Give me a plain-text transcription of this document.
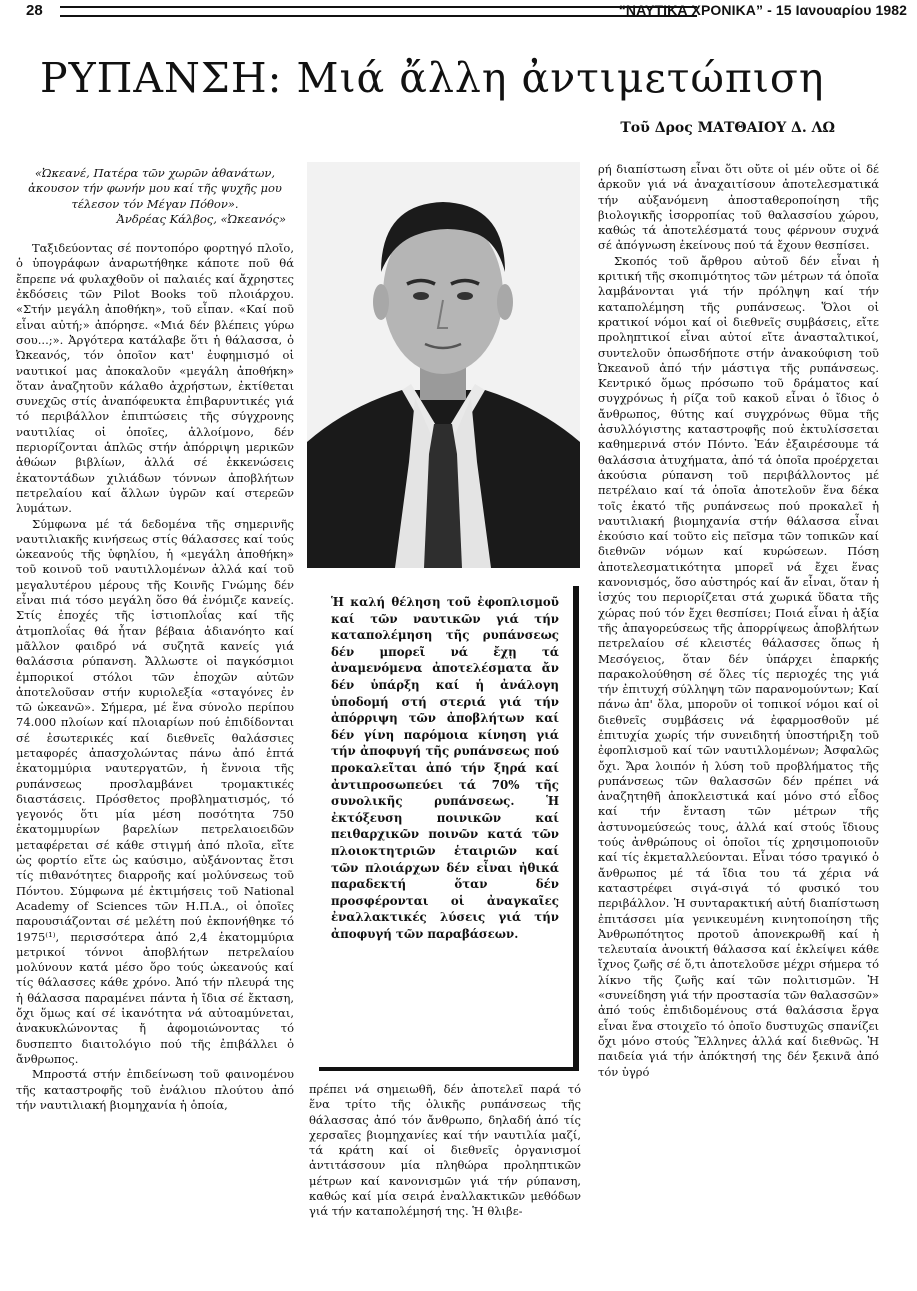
28	“ΝΑΥΤΙΚΑ ΧΡΟΝΙΚΑ” - 15 Ιανουαρίου 1982
ΡΥΠΑΝΣΗ: Μιά ἄλλη ἀντιμετώπιση
Τοῦ Δρος ΜΑΤΘΑΙΟΥ Δ. ΛΩ
«Ὠκεανέ, Πατέρα τῶν χωρῶν ἀθανάτων,
ἀκουσον τήν φωνήν μου καί τῆς ψυχῆς μου
τέλεσον τόν Μέγαν Πόθον».
Ἀνδρέας Κάλβος, «Ὠκεανός»

Ταξιδεύοντας σέ ποντοπόρο φορτηγό πλοῖο, ὁ ὑπογράφων ἀναρωτήθηκε κάποτε ποῦ θά ἔπρεπε νά φυλαχθοῦν οἱ παλαιές καί ἄχρηστες ἐκδόσεις τῶν Pilot Books τοῦ πλοιάρχου. «Στήν μεγάλη ἀποθήκη», τοῦ εἶπαν. «Καί ποῦ εἶναι αὐτή;» ἀπόρησε. «Μιά δέν βλέπεις γύρω σου...;». Ἀργότερα κατάλαβε ὅτι ἡ θάλασσα, ὁ Ὠκεανός, τόν ὁποῖον κατ' ἐυφημισμό οἱ ναυτικοί μας ἀποκαλοῦν «μεγάλη ἀποθήκη» ὅταν ἀναζητοῦν κάλαθο ἀχρήστων, ἐκτίθεται συνεχῶς στίς ἀναπόφευκτα ἐπιβαρυντικές γιά τό περιβάλλον ἐπιπτώσεις τῆς σύγχρονης ναυτιλίας οἱ ὁποῖες, ἀλλοίμονο, δέν περιορίζονται ἁπλῶς στήν ἀπόρριψη μερικῶν ἀθώων βιβλίων, ἀλλά σέ ἐκκενώσεις ἑκατοντάδων χιλιάδων τόννων ἀποβλήτων πετρελαίου καί ἄλλων ὑγρῶν καί στερεῶν λυμάτων.

Σύμφωνα μέ τά δεδομένα τῆς σημερινῆς ναυτιλιακῆς κινήσεως στίς θάλασσες καί τούς ὠκεανούς τῆς ὑφηλίου, ἡ «μεγάλη ἀποθήκη» τοῦ κοινοῦ τοῦ ναυτιλλομένων ἀλλά καί τοῦ μεγαλυτέρου μέρους τῆς Κοινῆς Γνώμης δέν εἶναι πιά τόσο μεγάλη ὅσο θά ἐνόμιζε κανείς. Στίς ἐποχές τῆς ἱστιοπλοΐας καί τῆς ἀτμοπλοΐας θά ἦταν βέβαια ἀδιανόητο καί μᾶλλον φαιδρό νά συζητᾶ κανείς γιά θαλάσσια ρύπανση. Ἄλλωστε οἱ παγκόσμιοι ἐμπορικοί στόλοι τῶν ἐποχῶν αὐτῶν ἀποτελοῦσαν στήν κυριολεξία «σταγόνες ἐν τῶ ὠκεανῶ». Σήμερα, μέ ἕνα σύνολο περίπου 74.000 πλοίων καί πλοιαρίων πού ἐπιδίδονται σέ ἐσωτερικές καί διεθνεῖς θαλάσσιες μεταφορές ἀπασχολώντας πάνω ἀπό ἑπτά ἑκατομμύρια ναυτεργατῶν, ἡ ἔννοια τῆς ρυπάνσεως προσλαμβάνει τρομακτικές διαστάσεις. Πρόσθετος προβληματισμός, τό γεγονός ὅτι μία μέση ποσότητα 750 ἑκατομμυρίων βαρελίων πετρελαιοειδῶν μεταφέρεται σέ κάθε στιγμή ἀπό πλοῖα, εἴτε ὡς φορτίο εἴτε ὡς καύσιμο, αὐξάνοντας ἔτσι τίς πιθανότητες διαρροῆς καί μολύνσεως τοῦ Πόντου. Σύμφωνα μέ ἐκτιμήσεις τοῦ National Academy of Sciences τῶν Η.Π.Α., οἱ ὁποῖες παρουσιάζονται σέ μελέτη πού ἐκπονήθηκε τό 1975⁽¹⁾, περισσότερα ἀπό 2,4 ἑκατομμύρια μετρικοί τόννοι ἀποβλήτων πετρελαίου μολύνουν κατά μέσο ὅρο τούς ὠκεανούς καί τίς θάλασσες κάθε χρόνο. Ἀπό τήν πλευρά της ἡ θάλασσα παραμένει πάντα ἡ ἴδια σέ ἔκταση, ὄχι ὅμως καί σέ ἱκανότητα νά αὐτοαμύνεται, ἀνακυκλώνοντας ἤ ἀφομοιώνοντας τό δυσπεπτο διαιτολόγιο πού τῆς ἐπιβάλλει ὁ ἄνθρωπος.

Μπροστά στήν ἐπιδείνωση τοῦ φαινομένου τῆς καταστροφῆς τοῦ ἐνάλιου πλούτου ἀπό τήν ναυτιλιακή βιομηχανία ἡ ὁποία,

Ἡ καλή θέληση τοῦ ἐφοπλισμοῦ καί τῶν ναυτικῶν γιά τήν καταπολέμηση τῆς ρυπάνσεως δέν μπορεῖ νά ἔχῃ τά ἀναμενόμενα ἀποτελέσματα ἄν δέν ὑπάρξη καί ἡ ἀνάλογη ὑποδομή στή στεριά γιά τήν ἀπόρριψη τῶν ἀποβλήτων καί δέν γίνη παρόμοια κίνηση γιά τήν ἀποφυγή τῆς ρυπάνσεως πού προκαλεῖται ἀπό τήν ξηρά καί ἀντιπροσωπεύει τά 70% τῆς συνολικῆς ρυπάνσεως. Ἡ ἐκτόξευση ποινικῶν καί πειθαρχικῶν ποινῶν κατά τῶν πλοιοκτητριῶν ἑταιριῶν καί τῶν πλοιάρχων δέν εἶναι ἠθικά παραδεκτή ὅταν δέν προσφέρονται οἱ ἀναγκαῖες ἐναλλακτικές λύσεις γιά τήν ἀποφυγή τῶν παραβάσεων.

πρέπει νά σημειωθῆ, δέν ἀποτελεῖ παρά τό ἕνα τρίτο τῆς ὁλικῆς ρυπάνσεως τῆς θάλασσας ἀπό τόν ἄνθρωπο, δηλαδή ἀπό τίς χερσαῖες βιομηχανίες καί τήν ναυτιλία μαζί, τά κράτη καί οἱ διεθνεῖς ὀργανισμοί ἀντιτάσσουν μία πληθώρα προληπτικῶν μέτρων καί κανονισμῶν γιά τήν ρύπανση, καθώς καί μία σειρά ἐναλλακτικῶν μεθόδων γιά τήν καταπολέμησή της. Ἡ θλιβε-

ρή διαπίστωση εἶναι ὅτι οὔτε οἱ μέν οὔτε οἱ δέ ἀρκοῦν γιά νά ἀναχαιτίσουν ἀποτελεσματικά τήν αὐξανόμενη ἀποσταθεροποίηση τῆς βιολογικῆς ἰσορροπίας τοῦ θαλασσίου χώρου, καθώς τά ἀποτελέσματά τους φέρνουν συχνά σέ ἀπόγνωση ἐκείνους πού τά ἔχουν θεσπίσει.

Σκοπός τοῦ ἄρθρου αὐτοῦ δέν εἶναι ἡ κριτική τῆς σκοπιμότητος τῶν μέτρων τά ὁποῖα λαμβάνονται γιά τήν πρόληψη καί τήν καταπολέμηση τῆς ρυπάνσεως. Ὅλοι οἱ κρατικοί νόμοι καί οἱ διεθνεῖς συμβάσεις, εἴτε προληπτικοί εἶναι αὐτοί εἴτε ἀνασταλτικοί, συντελοῦν ὁπωσδήποτε στήν ἀνακούφιση τοῦ Ὠκεανοῦ ἀπό τήν μάστιγα τῆς ρυπάνσεως. Κεντρικό ὅμως πρόσωπο τοῦ δράματος καί συγχρόνως ἡ ρίζα τοῦ κακοῦ εἶναι ὁ ἴδιος ὁ ἄνθρωπος, θύτης καί συγχρόνως θῦμα τῆς ἀσυλλόγιστης καταστροφῆς πού ἐκτυλίσσεται καθημερινά στόν Πόντο. Ἐάν ἐξαιρέσουμε τά θαλάσσια ἀτυχήματα, ἀπό τά ὁποῖα προέρχεται ἀκούσια ρύπανση τοῦ περιβάλλοντος μέ πετρέλαιο καί τά ὁποῖα ἀποτελοῦν ἕνα δέκα τοῖς ἑκατό τῆς ρυπάνσεως πού προκαλεῖ ἡ ναυτιλιακή βιομηχανία στήν θάλασσα εἶναι ἑκούσιο καί τοῦτο εἰς πεῖσμα τῶν τοπικῶν καί διεθνῶν νόμων καί κυρώσεων. Πόση ἀποτελεσματικότητα μπορεῖ νά ἔχει ἕνας κανονισμός, ὅσο αὐστηρός καί ἄν εἶναι, ὅταν ἡ ἰσχύς του περιορίζεται στά χωρικά ὕδατα τῆς χώρας πού τόν ἔχει θεσπίσει; Ποιά εἶναι ἡ ἀξία τῆς ἀπαγορεύσεως τῆς ἀπορρίψεως ἀποβλήτων πετρελαίου σέ κλειστές θάλασσες ὅπως ἡ Μεσόγειος, ὅταν δέν ὑπάρχει ἐπαρκής παρακολούθηση σέ ὅλες τίς περιοχές της γιά τήν ἐπιτυχή σύλληψη τῶν παρανομούντων; Καί πάνω ἀπ' ὅλα, μποροῦν οἱ τοπικοί νόμοι καί οἱ διεθνεῖς συμβάσεις νά ἐφαρμοσθοῦν μέ ἐπιτυχία χωρίς τήν συνειδητή ὑποστήριξη τοῦ ἐφοπλισμοῦ καί τῶν ναυτιλλομένων; Ἀσφαλῶς ὄχι. Ἄρα λοιπόν ἡ λύση τοῦ προβλήματος τῆς ρυπάνσεως τῶν θαλασσῶν δέν πρέπει νά ἀναζητηθῆ ἀποκλειστικά καί μόνο στό εἶδος καί τήν ἔνταση τῶν μέτρων τῆς ἀστυνομεύσεώς τους, ἀλλά καί στούς ἴδιους τούς ἀνθρώπους οἱ ὁποῖοι τίς χρησιμοποιοῦν καί τίς ἐκμεταλλεύονται. Εἶναι τόσο τραγικό ὁ ἄνθρωπος μέ τά ἴδια του τά χέρια νά καταστρέφει σιγά-σιγά τό φυσικό του περιβάλλον. Ἡ συνταρακτική αὐτή διαπίστωση ἐπιτάσσει μία γενικευμένη κινητοποίηση τῆς Ἀνθρωπότητος προτοῦ ἀπονεκρωθῆ καί ἡ τελευταία ἀνοικτή θάλασσα καί ἐκλείψει κάθε ἴχνος ζωῆς σέ ὅ,τι ἀποτελοῦσε μέχρι σήμερα τό λίκνο τῆς ζωῆς καί τῶν πολιτισμῶν. Ἡ «συνείδηση γιά τήν προστασία τῶν θαλασσῶν» ἀπό τούς ἐπιδιδομένους στά θαλάσσια ἔργα εἶναι ἕνα στοιχεῖο τό ὁποῖο δυστυχῶς σπανίζει ὄχι μόνο στούς Ἕλληνες ἀλλά καί διεθνῶς. Ἡ παιδεία γιά τήν ἀπόκτησή της δέν ξεκινᾶ ἀπό τόν ὑγρό
